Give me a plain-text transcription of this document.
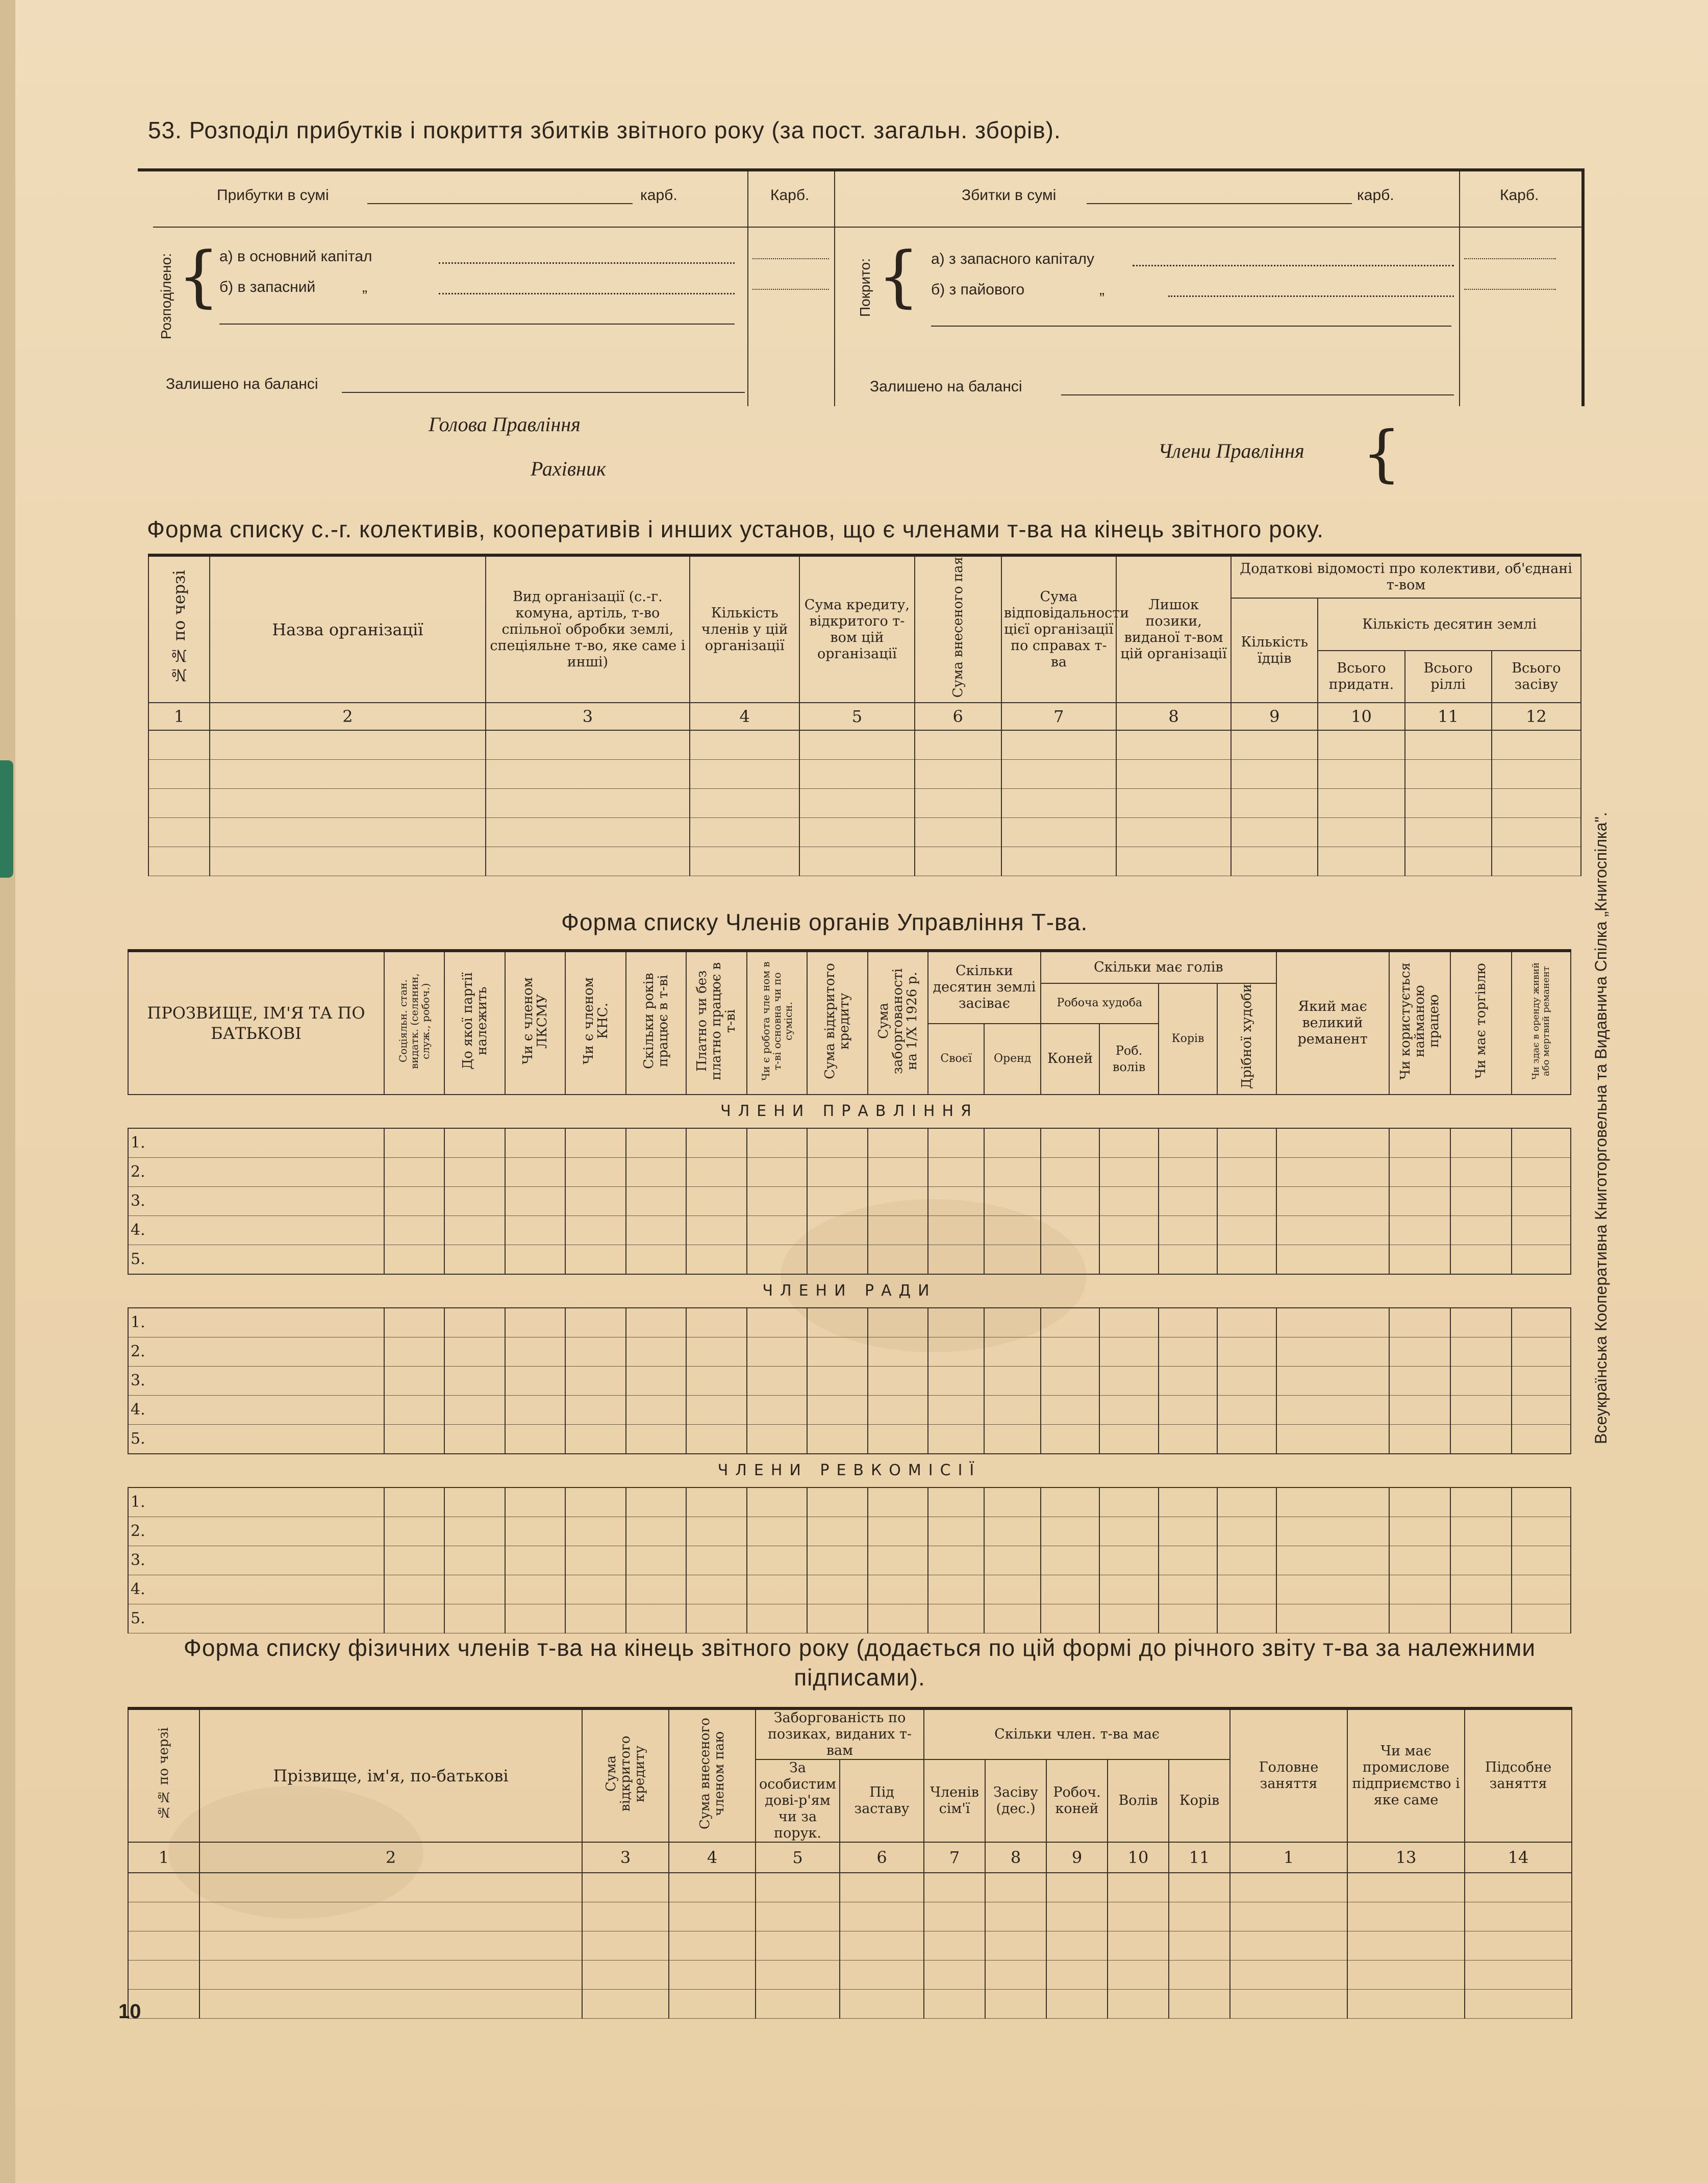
53. Розподіл прибутків і покриття збитків звітного року (за пост. загальн. зборів).
Прибутки в сумі	карб.	Карб.	Збитки в сумі	карб.	Карб.
Розподілено: { а) в основний капітал
б) в запасний	„
Залишено на балансі
Покрито: { а) з запасного капіталу
б) з пайового	„
Залишено на балансі
Голова Правління
Рахівник
Члени Правління {
Форма списку с.-г. колективів, кооперативів і инших установ, що є членами т-ва на кінець звітного року.
№№ по черзі	Назва організації	Вид організації (с.-г. комуна, артіль, т-во спільної обробки землі, спеціяльне т-во, яке саме і инші)	Кількість членів у цій організації	Сума кредиту, відкритого т-вом цій організації	Сума внесеного пая	Сума відповідальности цієї організації по справах т-ва	Лишок позики, виданої т-вом цій організації	Додаткові відомості про колективи, об'єднані т-вом			
								Кількість їдців	Кількість десятин землі		
									Всього придатн.	Всього ріллі	Всього засіву
1	2	3	4	5	6	7	8	9	10	11	12

Форма списку Членів органів Управління Т-ва.
ПРОЗВИЩЕ, ІМ'Я ТА ПО БАТЬКОВІ	Соціяльн. стан. видатк. (селянин, служ., робоч.)	До якої партії належить	Чи є членом ЛКСМУ	Чи є членом КНС.	Скільки років працює в т-ві	Платно чи без платно працює в т-ві	Чи є робота чле ном в т-ві основна чи по сумісн.	Сума відкритого кредиту	Сума заборгованості на 1/X 1926 р.	Скільки десятин землі засіває		Скільки має голів				Який має великий реманент	Чи користується найманою працею	Чи має торгівлю	Чи здає в оренду живий або мертвий реманент
												Робоча худоба		Корів	Дрібної худоби				
										Своєї	Оренд	Коней	Роб. волів						
ЧЛЕНИ ПРАВЛІННЯ																			
1.																			
2.																			
3.																			
4.																			
5.																			
ЧЛЕНИ РАДИ																			
1.																			
2.																			
3.																			
4.																			
5.																			
ЧЛЕНИ РЕВКОМІСІЇ																			
1.																			
2.																			
3.																			
4.																			
5.																			
Форма списку фізичних членів т-ва на кінець звітного року (додається по цій формі до річного звіту т-ва за належними підписами).
№№ по черзі	Прізвище, ім'я, по-батькові	Сума відкритого кредиту	Сума внесеного членом паю	Заборгованість по позиках, виданих т-вам		Скільки член. т-ва має					Головне заняття	Чи має промислове підприємство і яке саме	Підсобне заняття
				За особистим дові-р'ям чи за порук.	Під заставу	Членів сім'ї	Засіву (дес.)	Робоч. коней	Волів	Корів			

1	2	3	4	5	6	7	8	9	10	11	1	13	14

Всеукраїнська Кооперативна Книготорговельна та Видавнича Спілка „Книгоспілка".
10
